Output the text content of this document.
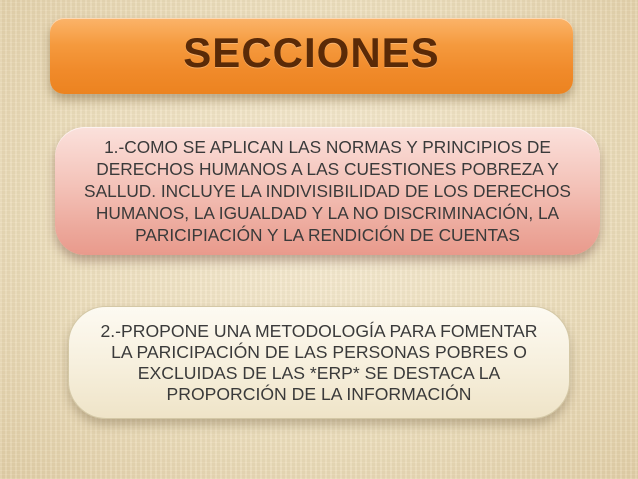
SECCIONES
1.-COMO SE APLICAN LAS NORMAS Y PRINCIPIOS DE
DERECHOS HUMANOS A LAS CUESTIONES POBREZA Y
SALLUD. INCLUYE LA INDIVISIBILIDAD DE LOS DERECHOS
HUMANOS, LA IGUALDAD Y LA NO DISCRIMINACIÓN, LA
PARICIPIACIÓN Y LA RENDICIÓN DE CUENTAS
2.-PROPONE UNA METODOLOGÍA PARA FOMENTAR
LA PARICIPACIÓN DE LAS PERSONAS POBRES O
EXCLUIDAS DE LAS *ERP* SE DESTACA LA
PROPORCIÓN DE LA INFORMACIÓN
